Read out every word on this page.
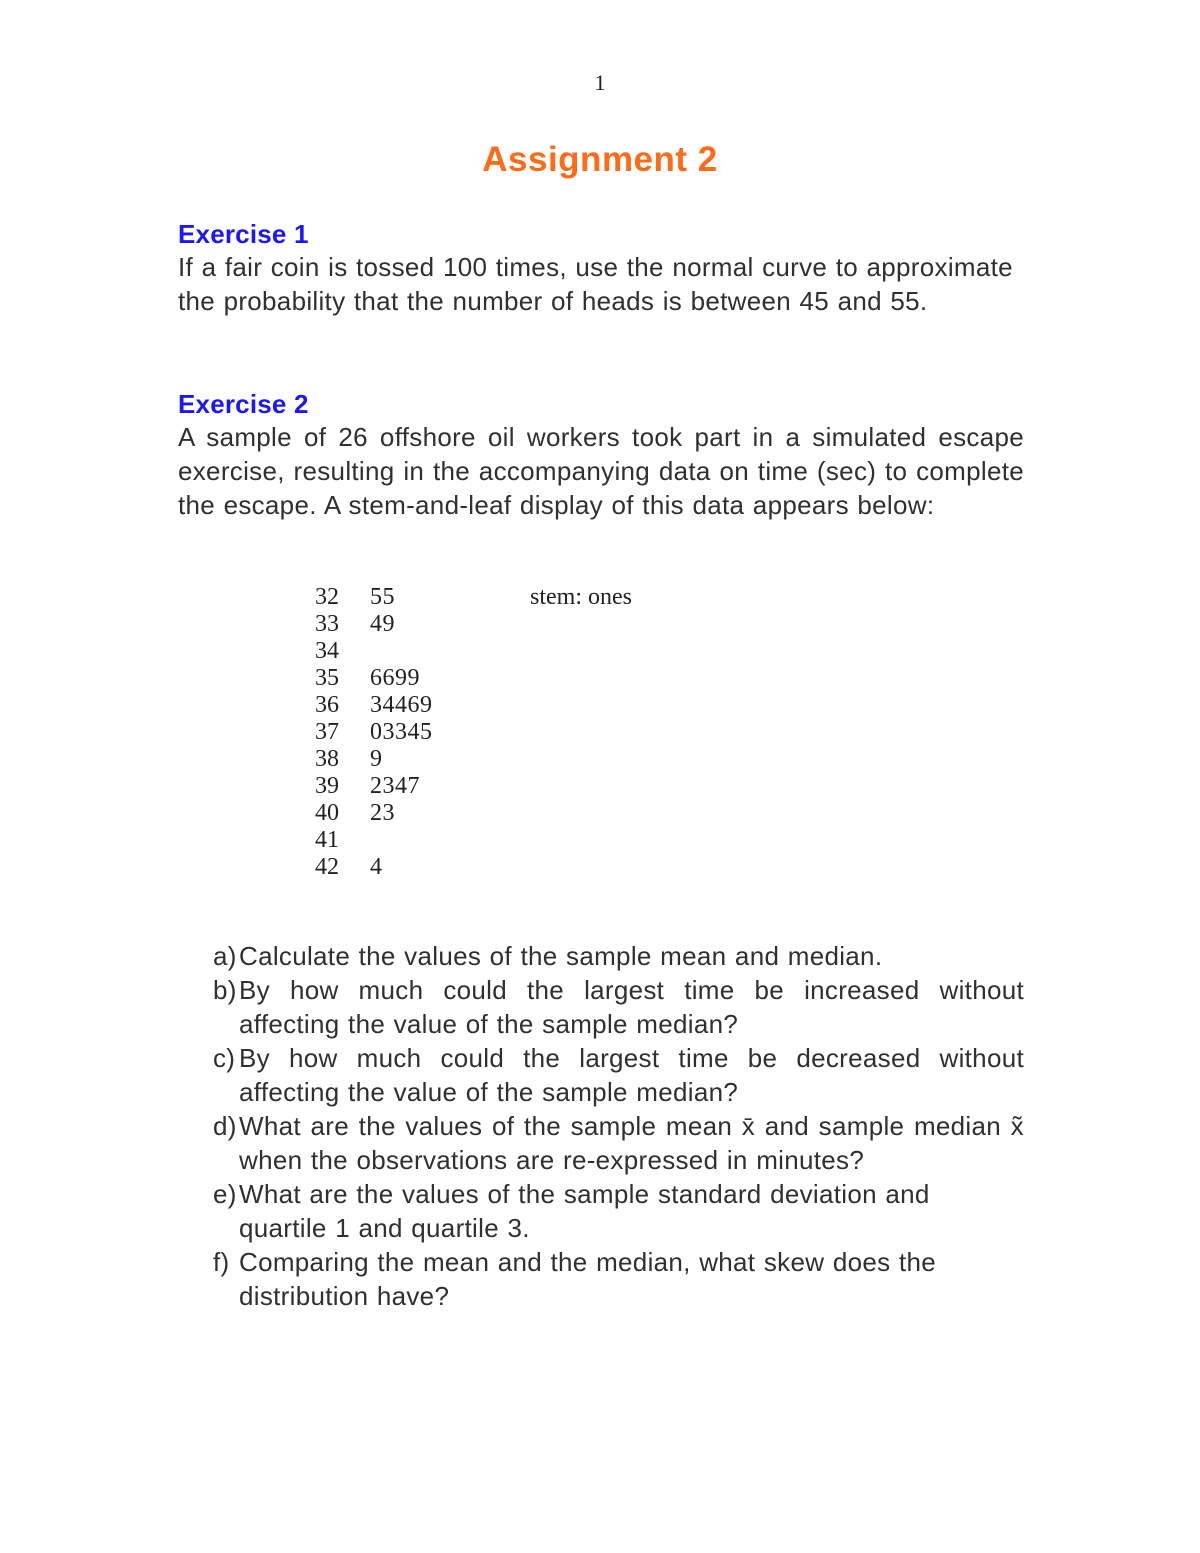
1
Assignment 2
Exercise 1

If a fair coin is tossed 100 times, use the normal curve to approximate the probability that the number of heads is between 45 and 55.

Exercise 2

A sample of 26 offshore oil workers took part in a simulated escape exercise, resulting in the accompanying data on time (sec) to complete the escape. A stem-and-leaf display of this data appears below:

stem: ones
32 55
33 49
34
35 6699
36 34469
37 03345
38 9
39 2347
40 23
41
42 4
a) Calculate the values of the sample mean and median.
b) By how much could the largest time be increased without affecting the value of the sample median?
c) By how much could the largest time be decreased without affecting the value of the sample median?
d) What are the values of the sample mean x̄ and sample median x̃ when the observations are re-expressed in minutes?
e) What are the values of the sample standard deviation and quartile 1 and quartile 3.
f) Comparing the mean and the median, what skew does the distribution have?
